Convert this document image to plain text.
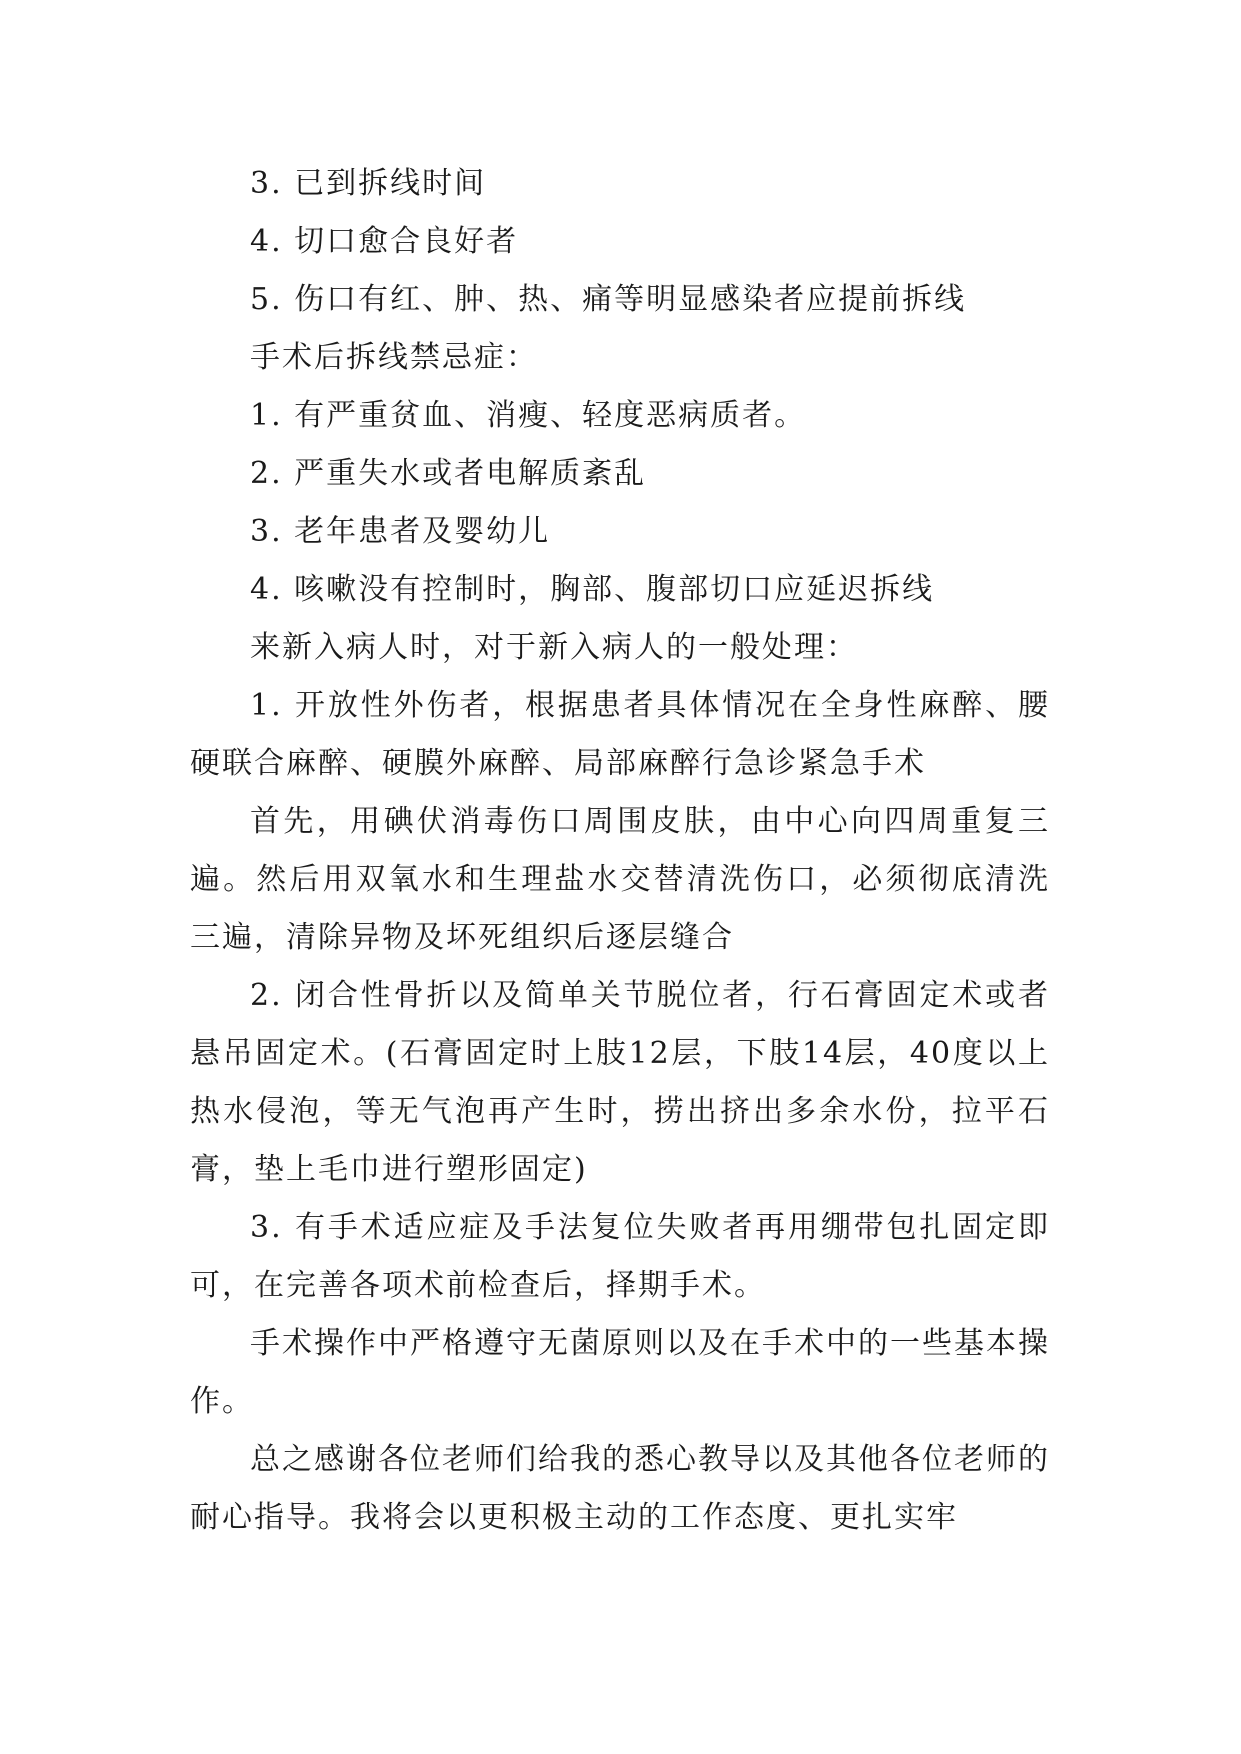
3. 已到拆线时间

4. 切口愈合良好者

5. 伤口有红、肿、热、痛等明显感染者应提前拆线

手术后拆线禁忌症：

1. 有严重贫血、消瘦、轻度恶病质者。

2. 严重失水或者电解质紊乱

3. 老年患者及婴幼儿

4. 咳嗽没有控制时，胸部、腹部切口应延迟拆线

来新入病人时，对于新入病人的一般处理：

1. 开放性外伤者，根据患者具体情况在全身性麻醉、腰硬联合麻醉、硬膜外麻醉、局部麻醉行急诊紧急手术

首先，用碘伏消毒伤口周围皮肤，由中心向四周重复三遍。然后用双氧水和生理盐水交替清洗伤口，必须彻底清洗三遍，清除异物及坏死组织后逐层缝合

2. 闭合性骨折以及简单关节脱位者，行石膏固定术或者悬吊固定术。(石膏固定时上肢12层，下肢14层，40度以上热水侵泡，等无气泡再产生时，捞出挤出多余水份，拉平石膏，垫上毛巾进行塑形固定)

3. 有手术适应症及手法复位失败者再用绷带包扎固定即可，在完善各项术前检查后，择期手术。

手术操作中严格遵守无菌原则以及在手术中的一些基本操作。

总之感谢各位老师们给我的悉心教导以及其他各位老师的耐心指导。我将会以更积极主动的工作态度、更扎实牢
